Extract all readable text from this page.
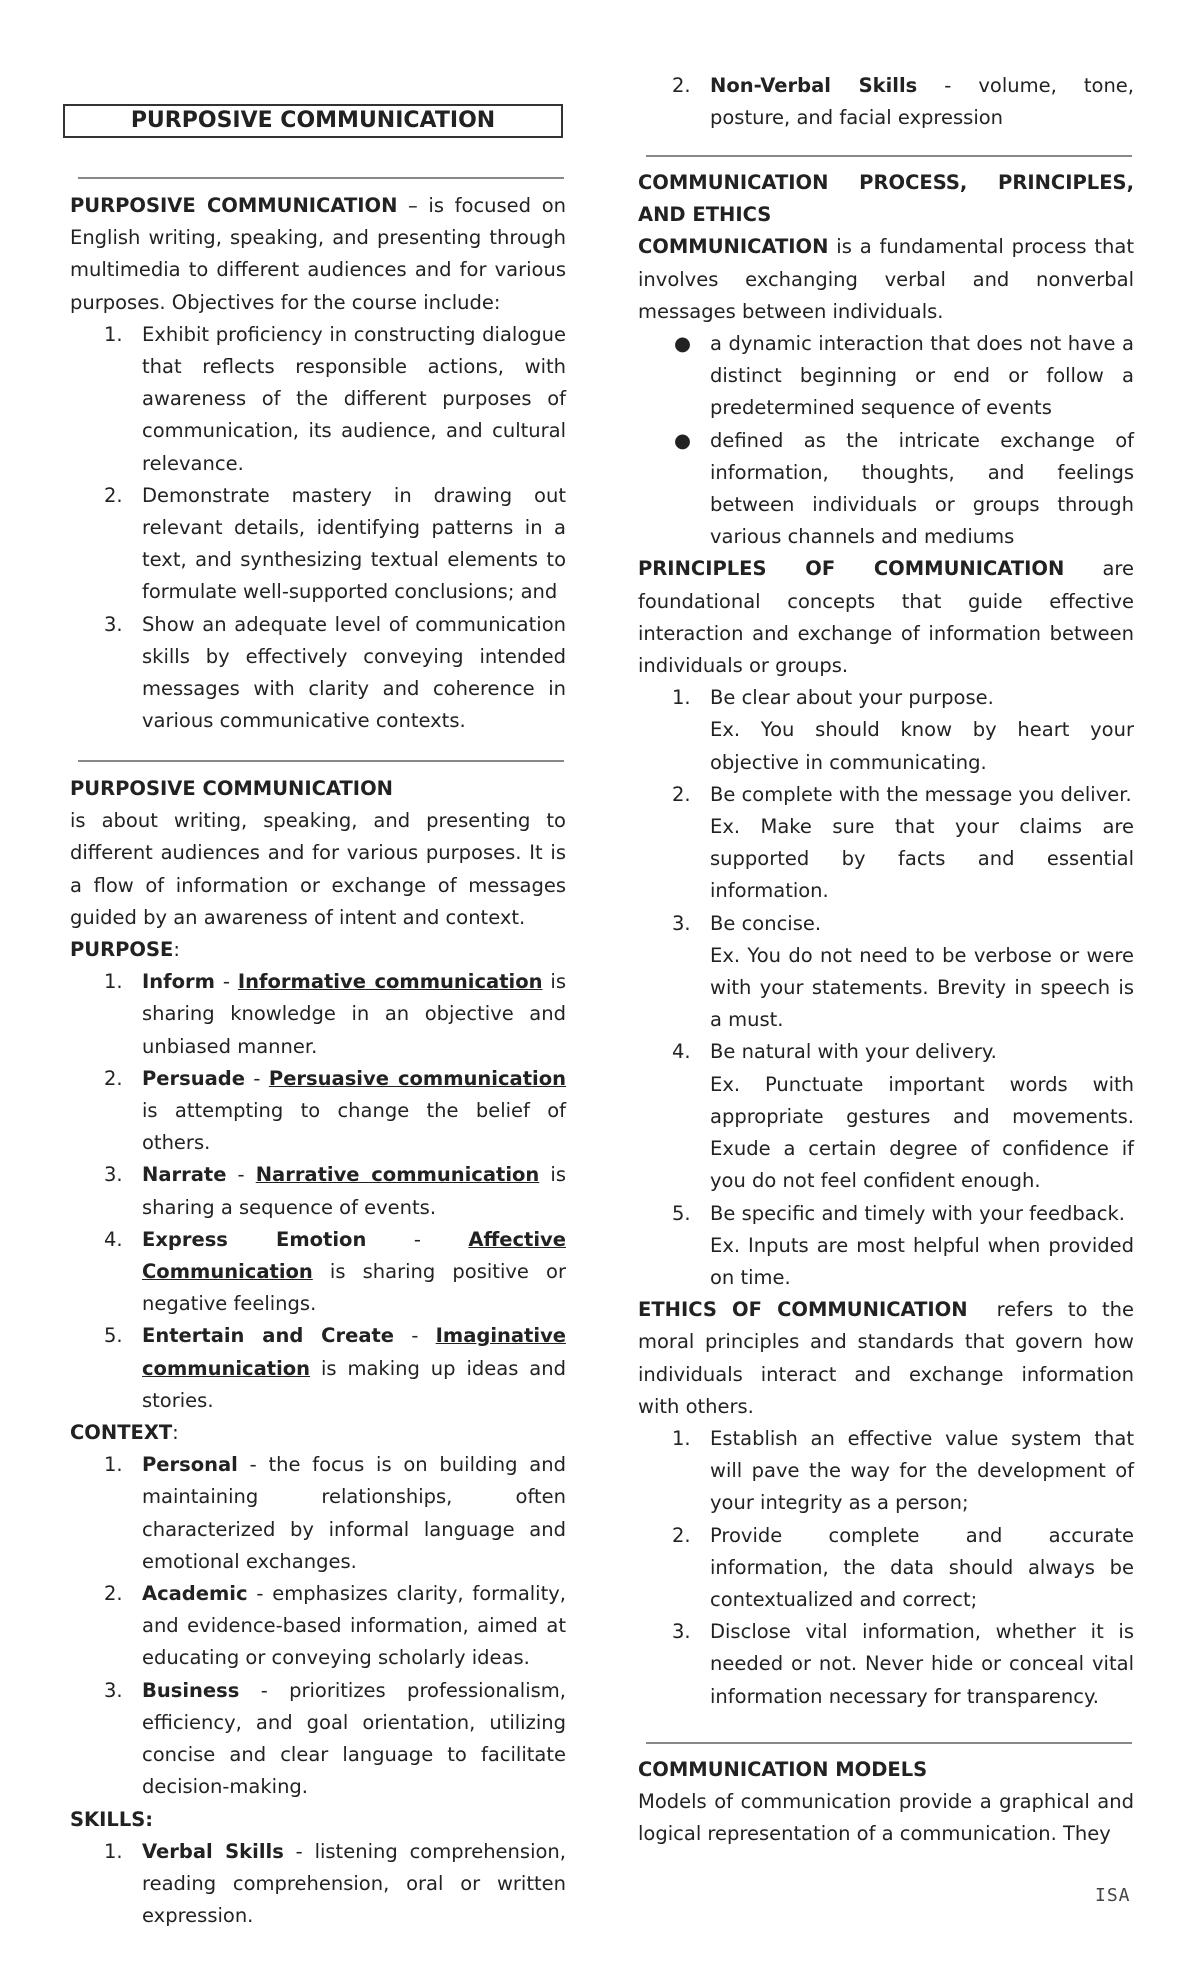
PURPOSIVE COMMUNICATION

PURPOSIVE COMMUNICATION – is focused on English writing, speaking, and presenting through multimedia to different audiences and for various purposes. Objectives for the course include:

1. Exhibit proficiency in constructing dialogue that reflects responsible actions, with awareness of the different purposes of communication, its audience, and cultural relevance.
2. Demonstrate mastery in drawing out relevant details, identifying patterns in a text, and synthesizing textual elements to formulate well-supported conclusions; and
3. Show an adequate level of communication skills by effectively conveying intended messages with clarity and coherence in various communicative contexts.

PURPOSIVE COMMUNICATION

is about writing, speaking, and presenting to different audiences and for various purposes. It is a flow of information or exchange of messages guided by an awareness of intent and context.

PURPOSE:

1. Inform - Informative communication is sharing knowledge in an objective and unbiased manner.
2. Persuade - Persuasive communication is attempting to change the belief of others.
3. Narrate - Narrative communication is sharing a sequence of events.
4. Express Emotion - Affective Communication is sharing positive or negative feelings.
5. Entertain and Create - Imaginative communication is making up ideas and stories.

CONTEXT:

1. Personal - the focus is on building and maintaining relationships, often characterized by informal language and emotional exchanges.
2. Academic - emphasizes clarity, formality, and evidence-based information, aimed at educating or conveying scholarly ideas.
3. Business - prioritizes professionalism, efficiency, and goal orientation, utilizing concise and clear language to facilitate decision-making.

SKILLS:

1. Verbal Skills - listening comprehension, reading comprehension, oral or written expression.
2. Non-Verbal Skills - volume, tone, posture, and facial expression

COMMUNICATION PROCESS, PRINCIPLES, AND ETHICS

COMMUNICATION is a fundamental process that involves exchanging verbal and nonverbal messages between individuals.

● a dynamic interaction that does not have a distinct beginning or end or follow a predetermined sequence of events
● defined as the intricate exchange of information, thoughts, and feelings between individuals or groups through various channels and mediums

PRINCIPLES OF COMMUNICATION are foundational concepts that guide effective interaction and exchange of information between individuals or groups.

1. Be clear about your purpose.
Ex. You should know by heart your objective in communicating.
2. Be complete with the message you deliver.
Ex. Make sure that your claims are supported by facts and essential information.
3. Be concise.
Ex. You do not need to be verbose or were with your statements. Brevity in speech is a must.
4. Be natural with your delivery.
Ex. Punctuate important words with appropriate gestures and movements. Exude a certain degree of confidence if you do not feel confident enough.
5. Be specific and timely with your feedback.
Ex. Inputs are most helpful when provided on time.

ETHICS OF COMMUNICATION  refers to the moral principles and standards that govern how individuals interact and exchange information with others.

1. Establish an effective value system that will pave the way for the development of your integrity as a person;
2. Provide complete and accurate information, the data should always be contextualized and correct;
3. Disclose vital information, whether it is needed or not. Never hide or conceal vital information necessary for transparency.

COMMUNICATION MODELS

Models of communication provide a graphical and logical representation of a communication. They

ISA
